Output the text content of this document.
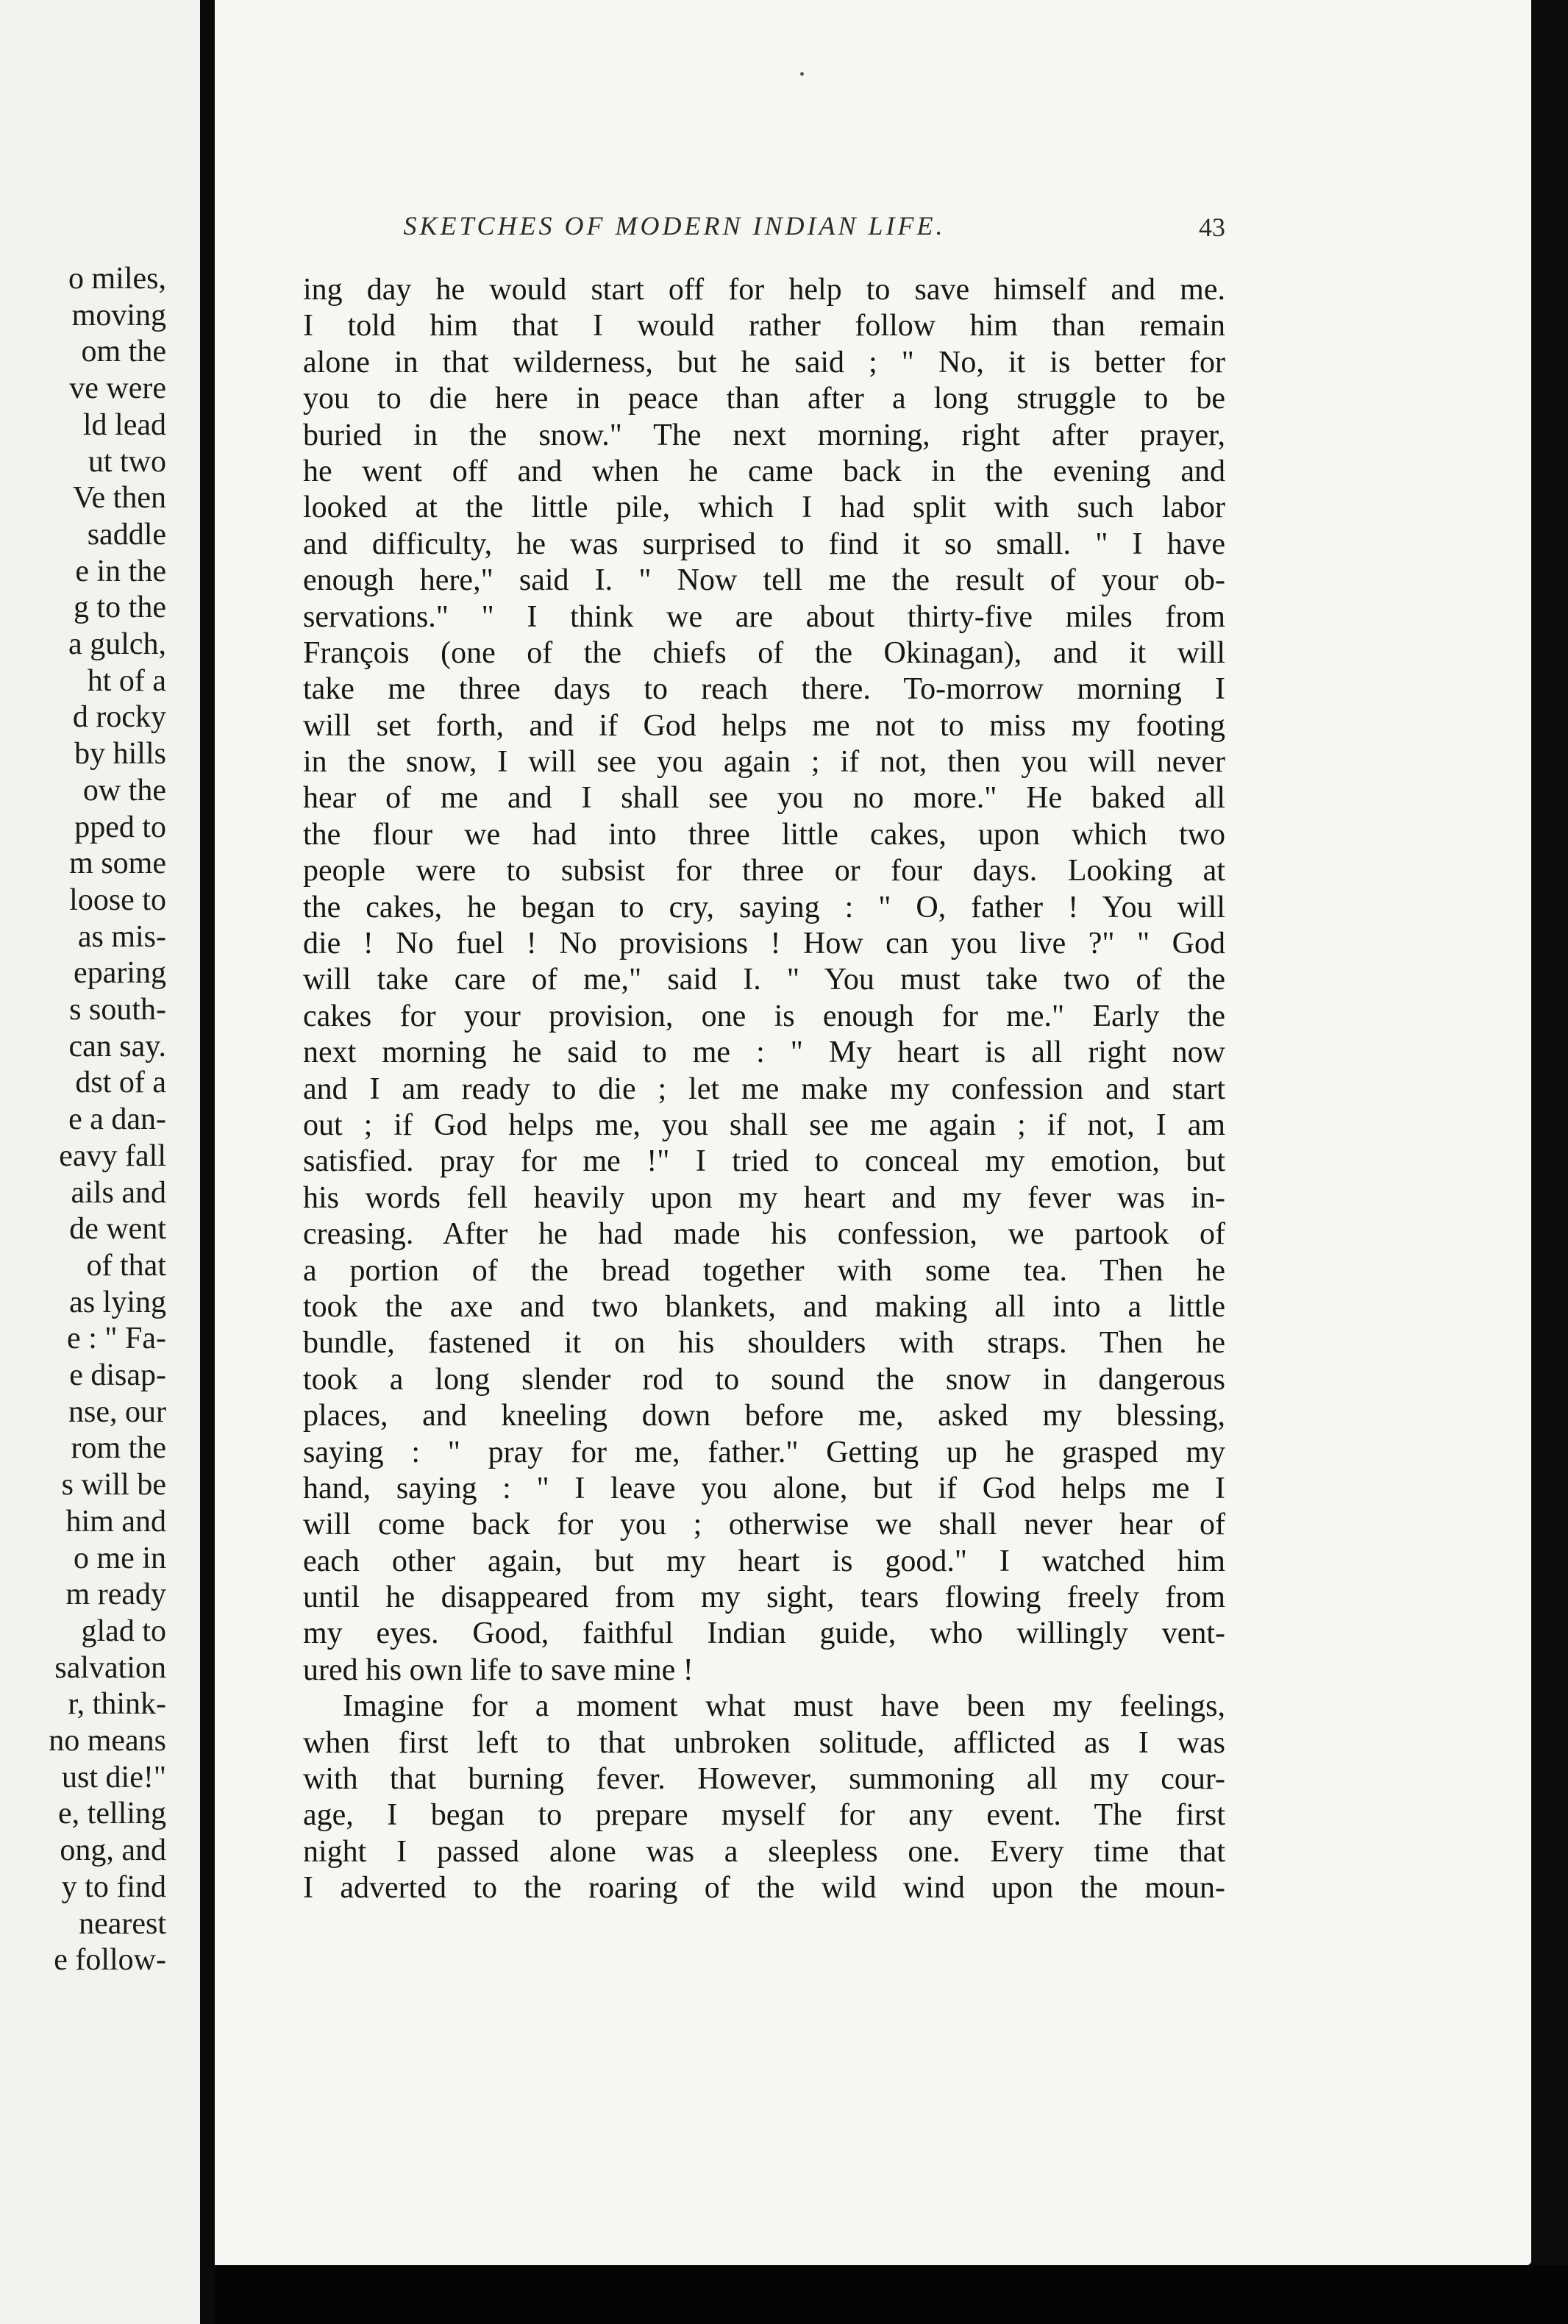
o miles,
moving
om the
ve were
ld lead
ut two
Ve then
saddle
e in the
g to the
a gulch,
ht of a
d rocky
by hills
ow the
pped to
m some
loose to
as mis-
eparing
s south-
can say.
dst of a
e a dan-
eavy fall
ails and
de went
of that
as lying
e : " Fa-
e disap-
nse, our
rom the
s will be
him and
o me in
m ready
glad to
salvation
r, think-
no means
ust die!"
e, telling
ong, and
y to find
nearest
e follow-
SKETCHES OF MODERN INDIAN LIFE.	43
ing day he would start off for help to save himself and me.
I told him that I would rather follow him than remain
alone in that wilderness, but he said ; " No, it is better for
you to die here in peace than after a long struggle to be
buried in the snow." The next morning, right after prayer,
he went off and when he came back in the evening and
looked at the little pile, which I had split with such labor
and difficulty, he was surprised to find it so small. " I have
enough here," said I. " Now tell me the result of your ob-
servations." " I think we are about thirty-five miles from
François (one of the chiefs of the Okinagan), and it will
take me three days to reach there. To-morrow morning I
will set forth, and if God helps me not to miss my footing
in the snow, I will see you again ; if not, then you will never
hear of me and I shall see you no more." He baked all
the flour we had into three little cakes, upon which two
people were to subsist for three or four days. Looking at
the cakes, he began to cry, saying : " O, father ! You will
die ! No fuel ! No provisions ! How can you live ?" " God
will take care of me," said I. " You must take two of the
cakes for your provision, one is enough for me." Early the
next morning he said to me : " My heart is all right now
and I am ready to die ; let me make my confession and start
out ; if God helps me, you shall see me again ; if not, I am
satisfied. pray for me !" I tried to conceal my emotion, but
his words fell heavily upon my heart and my fever was in-
creasing. After he had made his confession, we partook of
a portion of the bread together with some tea. Then he
took the axe and two blankets, and making all into a little
bundle, fastened it on his shoulders with straps. Then he
took a long slender rod to sound the snow in dangerous
places, and kneeling down before me, asked my blessing,
saying : " pray for me, father." Getting up he grasped my
hand, saying : " I leave you alone, but if God helps me I
will come back for you ; otherwise we shall never hear of
each other again, but my heart is good." I watched him
until he disappeared from my sight, tears flowing freely from
my eyes. Good, faithful Indian guide, who willingly vent-
ured his own life to save mine !
Imagine for a moment what must have been my feelings,
when first left to that unbroken solitude, afflicted as I was
with that burning fever. However, summoning all my cour-
age, I began to prepare myself for any event. The first
night I passed alone was a sleepless one. Every time that
I adverted to the roaring of the wild wind upon the moun-
